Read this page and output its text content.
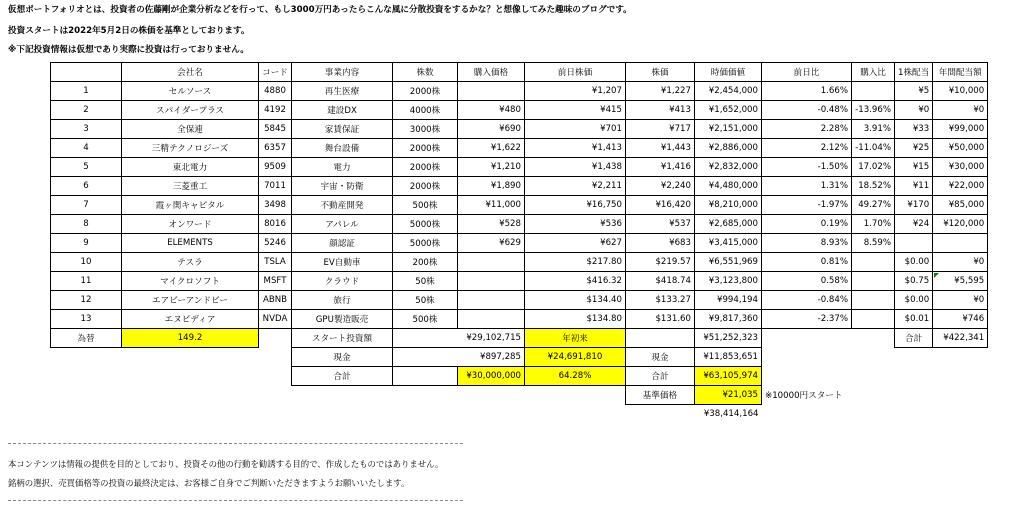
仮想ポートフォリオとは、投資者の佐藤剛が企業分析などを行って、もし3000万円あったらこんな風に分散投資をするかな？と想像してみた趣味のブログです。
投資スタートは2022年5月2日の株価を基準としております。
※下記投資情報は仮想であり実際に投資は行っておりません。
	会社名	コード	事業内容	株数	購入価格	前日株価	株価	時価価値	前日比	購入比	1株配当	年間配当額
1	セルソース	4880	再生医療	2000株		¥1,207	¥1,227	¥2,454,000	1.66%		¥5	¥10,000
2	スパイダープラス	4192	建設DX	4000株	¥480	¥415	¥413	¥1,652,000	-0.48%	-13.96%	¥0	¥0
3	全保連	5845	家賃保証	3000株	¥690	¥701	¥717	¥2,151,000	2.28%	3.91%	¥33	¥99,000
4	三精テクノロジーズ	6357	舞台設備	2000株	¥1,622	¥1,413	¥1,443	¥2,886,000	2.12%	-11.04%	¥25	¥50,000
5	東北電力	9509	電力	2000株	¥1,210	¥1,438	¥1,416	¥2,832,000	-1.50%	17.02%	¥15	¥30,000
6	三菱重工	7011	宇宙・防衛	2000株	¥1,890	¥2,211	¥2,240	¥4,480,000	1.31%	18.52%	¥11	¥22,000
7	霞ヶ関キャピタル	3498	不動産開発	500株	¥11,000	¥16,750	¥16,420	¥8,210,000	-1.97%	49.27%	¥170	¥85,000
8	オンワード	8016	アパレル	5000株	¥528	¥536	¥537	¥2,685,000	0.19%	1.70%	¥24	¥120,000
9	ELEMENTS	5246	顔認証	5000株	¥629	¥627	¥683	¥3,415,000	8.93%	8.59%		
10	テスラ	TSLA	EV自動車	200株		$217.80	$219.57	¥6,551,969	0.81%		$0.00	¥0
11	マイクロソフト	MSFT	クラウド	50株		$416.32	$418.74	¥3,123,800	0.58%		$0.75	¥5,595

12	エアビーアンドビー	ABNB	旅行	50株		$134.40	$133.27	¥994,194	-0.84%		$0.00	¥0
13	エヌビディア	NVDA	GPU製造販売	500株		$134.80	$131.60	¥9,817,360	-2.37%		$0.01	¥746
為替	149.2		スタート投資額	¥29,102,715		年初来		¥51,252,323			合計	¥422,341
			現金	¥897,285		¥24,691,810	現金	¥11,853,651				
			合計		¥30,000,000	64.28%	合計	¥63,105,974				
							基準価格	¥21,035	※10000円スタート			
								¥38,414,164				
本コンテンツは情報の提供を目的としており、投資その他の行動を勧誘する目的で、作成したものではありません。
銘柄の選択、売買価格等の投資の最終決定は、お客様ご自身でご判断いただきますようお願いいたします。
